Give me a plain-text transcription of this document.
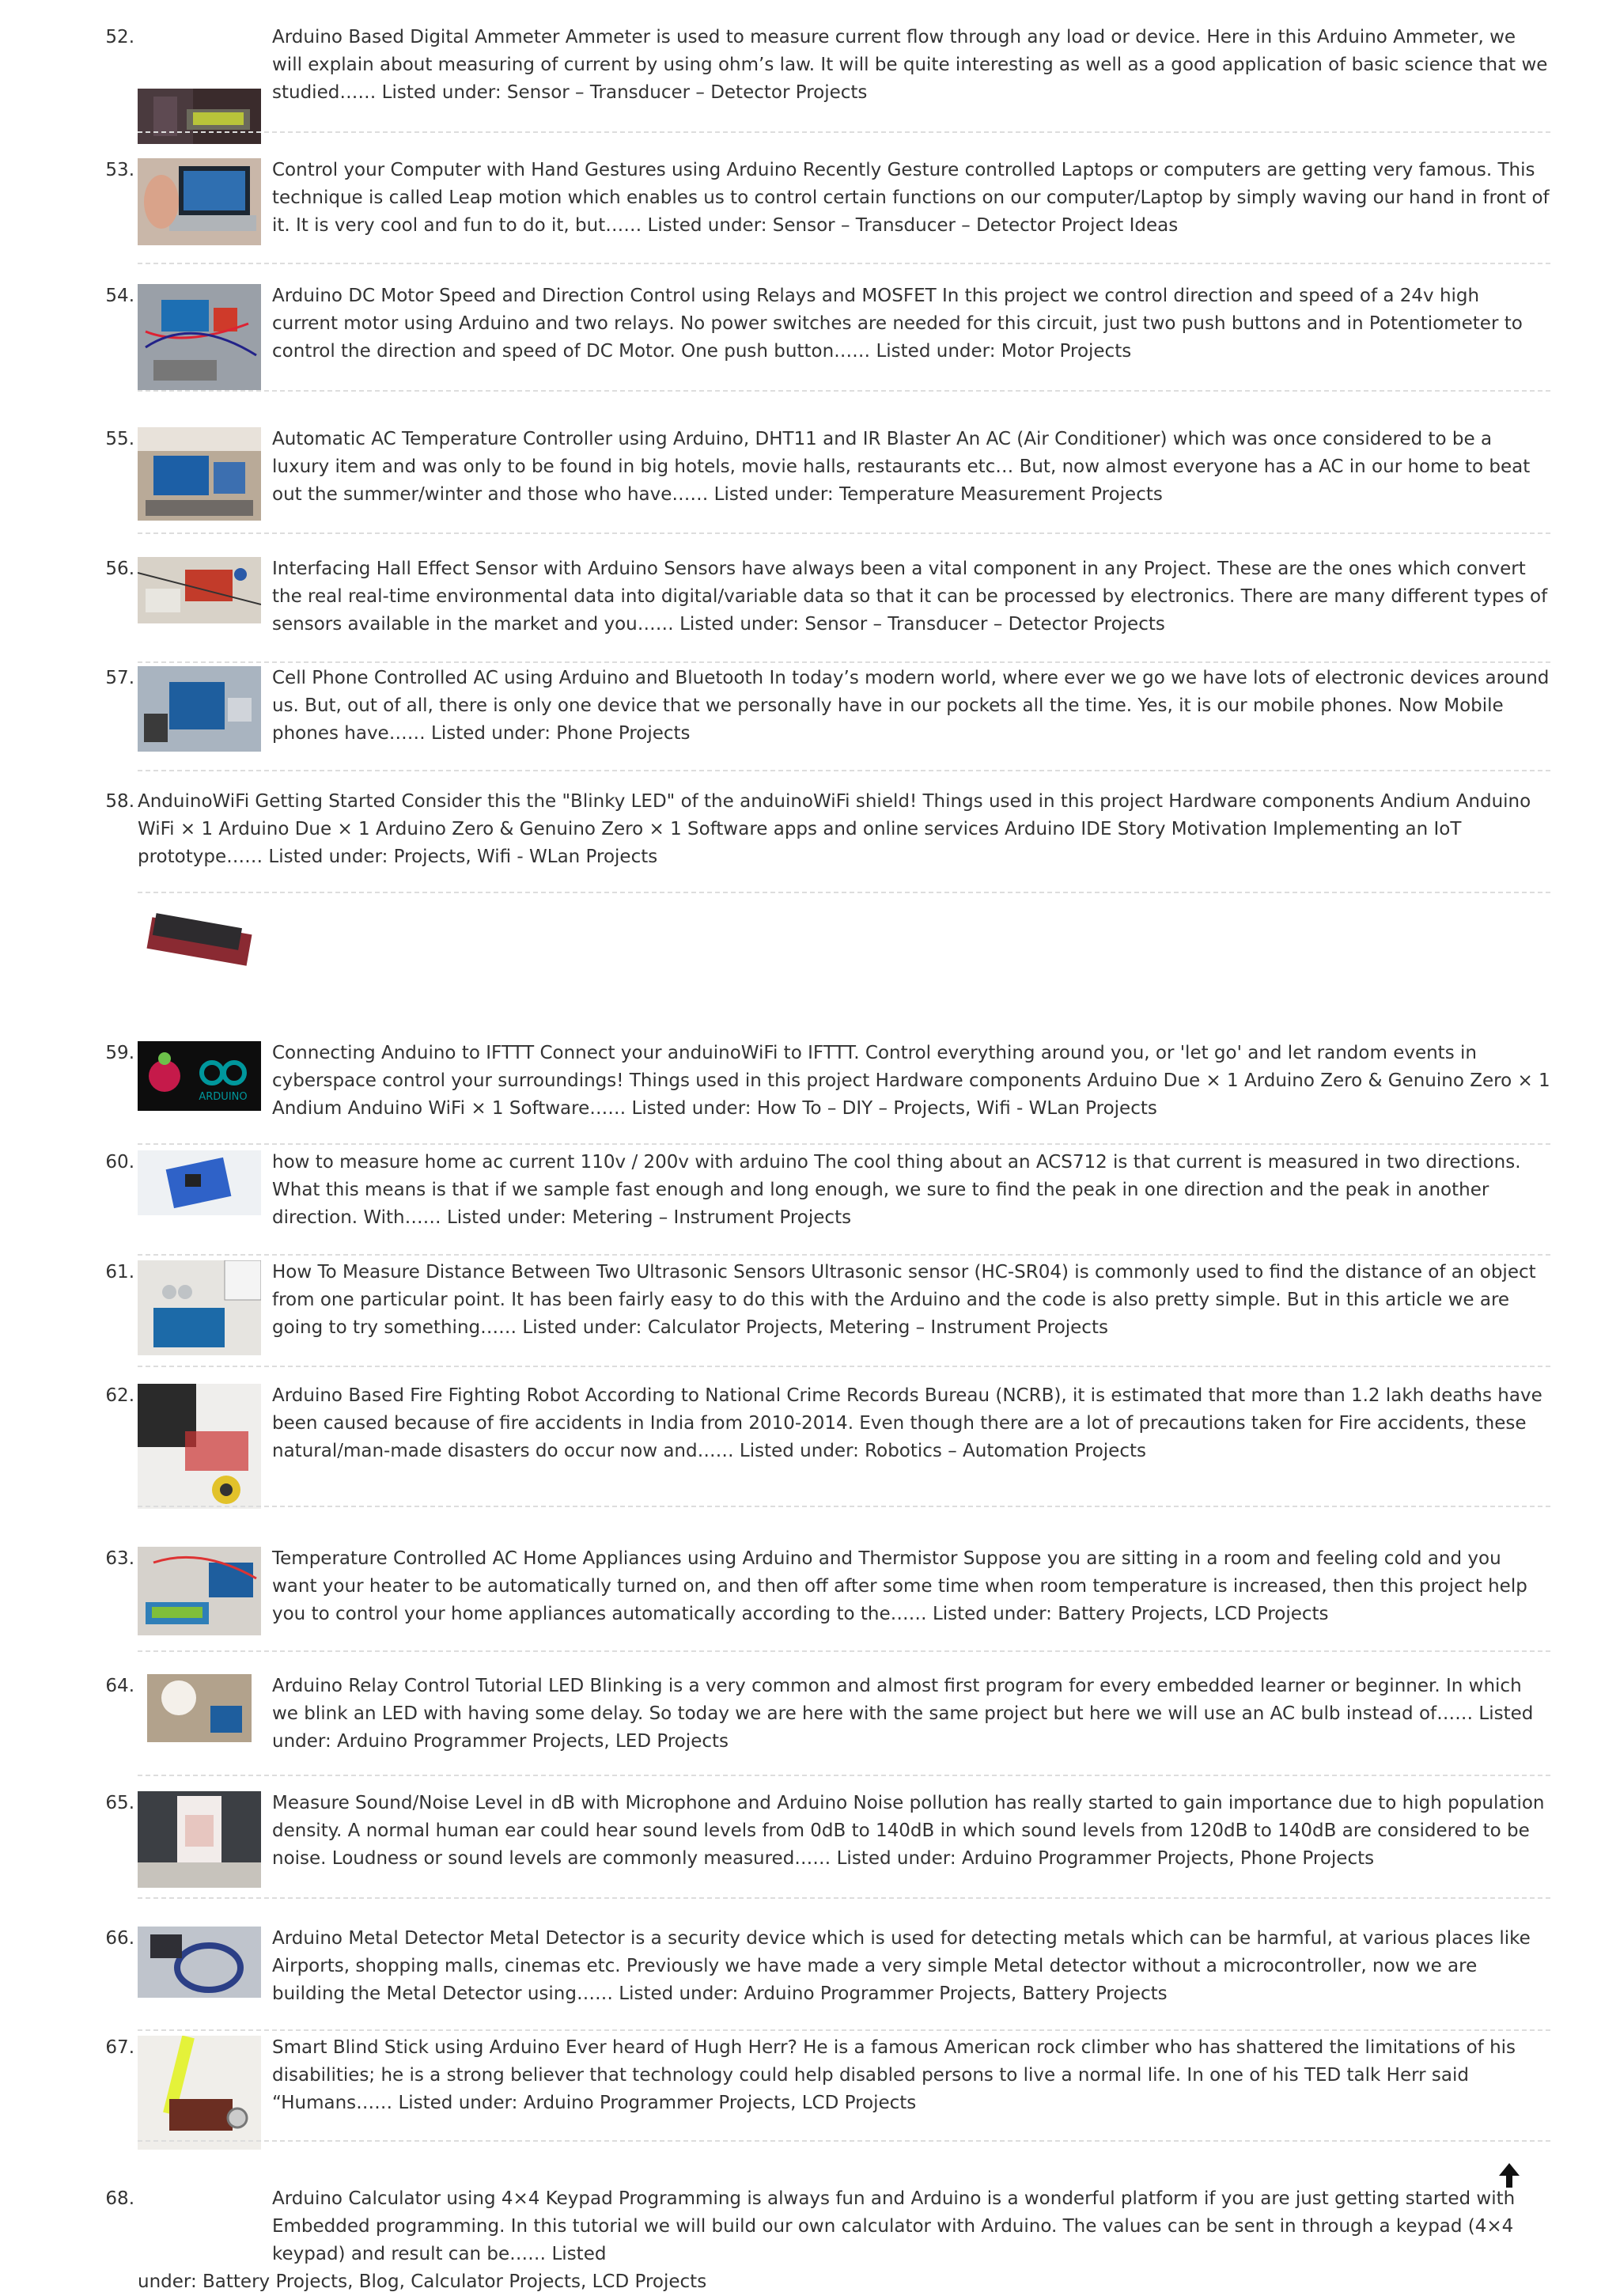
52.	Arduino Based Digital Ammeter Ammeter is used to measure current flow through any load or device. Here in this Arduino Ammeter, we will explain about measuring of current by using ohm’s law. It will be quite interesting as well as a good application of basic science that we studied…… Listed under: Sensor – Transducer – Detector Projects
53.	Control your Computer with Hand Gestures using Arduino Recently Gesture controlled Laptops or computers are getting very famous. This technique is called Leap motion which enables us to control certain functions on our computer/Laptop by simply waving our hand in front of it. It is very cool and fun to do it, but…… Listed under: Sensor – Transducer – Detector Project Ideas
54.	Arduino DC Motor Speed and Direction Control using Relays and MOSFET In this project we control direction and speed of a 24v high current motor using Arduino and two relays. No power switches are needed for this circuit, just two push buttons and in Potentiometer to control the direction and speed of DC Motor. One push button…… Listed under: Motor Projects
55.	Automatic AC Temperature Controller using Arduino, DHT11 and IR Blaster An AC (Air Conditioner) which was once considered to be a luxury item and was only to be found in big hotels, movie halls, restaurants etc… But, now almost everyone has a AC in our home to beat out the summer/winter and those who have…… Listed under: Temperature Measurement Projects
56.	Interfacing Hall Effect Sensor with Arduino Sensors have always been a vital component in any Project. These are the ones which convert the real real-time environmental data into digital/variable data so that it can be processed by electronics. There are many different types of sensors available in the market and you…… Listed under: Sensor – Transducer – Detector Projects
57.	Cell Phone Controlled AC using Arduino and Bluetooth In today’s modern world, where ever we go we have lots of electronic devices around us. But, out of all, there is only one device that we personally have in our pockets all the time. Yes, it is our mobile phones. Now Mobile phones have…… Listed under: Phone Projects
58. AnduinoWiFi Getting Started Consider this the "Blinky LED" of the anduinoWiFi shield! Things used in this project Hardware components Andium Anduino WiFi × 1 Arduino Due × 1 Arduino Zero & Genuino Zero × 1 Software apps and online services Arduino IDE Story Motivation Implementing an IoT prototype…… Listed under: Projects, Wifi - WLan Projects
59.
ARDUINO
Connecting Anduino to IFTTT Connect your anduinoWiFi to IFTTT. Control everything around you, or 'let go' and let random events in cyberspace control your surroundings! Things used in this project Hardware components Arduino Due × 1 Arduino Zero & Genuino Zero × 1 Andium Anduino WiFi × 1 Software…… Listed under: How To – DIY – Projects, Wifi - WLan Projects
60.	how to measure home ac current 110v / 200v with arduino The cool thing about an ACS712 is that current is measured in two directions. What this means is that if we sample fast enough and long enough, we sure to find the peak in one direction and the peak in another direction. With…… Listed under: Metering – Instrument Projects
61.	How To Measure Distance Between Two Ultrasonic Sensors Ultrasonic sensor (HC-SR04) is commonly used to find the distance of an object from one particular point. It has been fairly easy to do this with the Arduino and the code is also pretty simple. But in this article we are going to try something…… Listed under: Calculator Projects, Metering – Instrument Projects
62.	Arduino Based Fire Fighting Robot According to National Crime Records Bureau (NCRB), it is estimated that more than 1.2 lakh deaths have been caused because of fire accidents in India from 2010-2014. Even though there are a lot of precautions taken for Fire accidents, these natural/man-made disasters do occur now and…… Listed under: Robotics – Automation Projects
63.	Temperature Controlled AC Home Appliances using Arduino and Thermistor Suppose you are sitting in a room and feeling cold and you want your heater to be automatically turned on, and then off after some time when room temperature is increased, then this project help you to control your home appliances automatically according to the…… Listed under: Battery Projects, LCD Projects
64.	Arduino Relay Control Tutorial LED Blinking is a very common and almost first program for every embedded learner or beginner. In which we blink an LED with having some delay. So today we are here with the same project but here we will use an AC bulb instead of…… Listed under: Arduino Programmer Projects, LED Projects
65.	Measure Sound/Noise Level in dB with Microphone and Arduino Noise pollution has really started to gain importance due to high population density. A normal human ear could hear sound levels from 0dB to 140dB in which sound levels from 120dB to 140dB are considered to be noise. Loudness or sound levels are commonly measured…… Listed under: Arduino Programmer Projects, Phone Projects
66.	Arduino Metal Detector Metal Detector is a security device which is used for detecting metals which can be harmful, at various places like Airports, shopping malls, cinemas etc. Previously we have made a very simple Metal detector without a microcontroller, now we are building the Metal Detector using…… Listed under: Arduino Programmer Projects, Battery Projects
67.	Smart Blind Stick using Arduino Ever heard of Hugh Herr? He is a famous American rock climber who has shattered the limitations of his disabilities; he is a strong believer that technology could help disabled persons to live a normal life. In one of his TED talk Herr said “Humans…… Listed under: Arduino Programmer Projects, LCD Projects
68.	Arduino Calculator using 4×4 Keypad Programming is always fun and Arduino is a wonderful platform if you are just getting started with Embedded programming. In this tutorial we will build our own calculator with Arduino. The values can be sent in through a keypad (4×4 keypad) and result can be…… Listed
under: Battery Projects, Blog, Calculator Projects, LCD Projects
